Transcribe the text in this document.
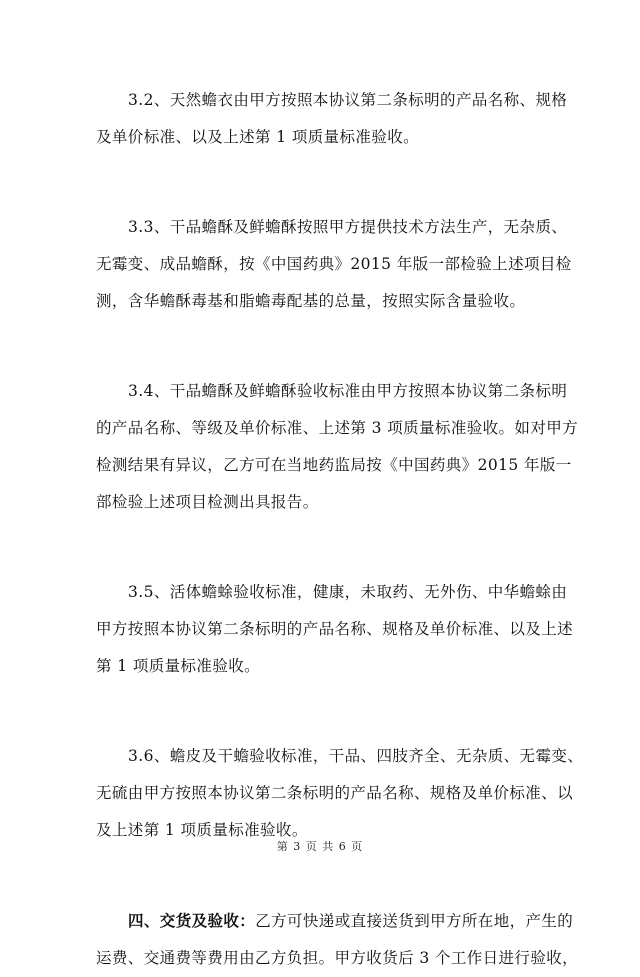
3.2、天然蟾衣由甲方按照本协议第二条标明的产品名称、规格
及单价标准、以及上述第 1 项质量标准验收。

3.3、干品蟾酥及鲜蟾酥按照甲方提供技术方法生产，无杂质、
无霉变、成品蟾酥，按《中国药典》2015 年版一部检验上述项目检
测，含华蟾酥毒基和脂蟾毒配基的总量，按照实际含量验收。

3.4、干品蟾酥及鲜蟾酥验收标准由甲方按照本协议第二条标明
的产品名称、等级及单价标准、上述第 3 项质量标准验收。如对甲方
检测结果有异议，乙方可在当地药监局按《中国药典》2015 年版一
部检验上述项目检测出具报告。

3.5、活体蟾蜍验收标准，健康，未取药、无外伤、中华蟾蜍由
甲方按照本协议第二条标明的产品名称、规格及单价标准、以及上述
第 1 项质量标准验收。

3.6、蟾皮及干蟾验收标准，干品、四肢齐全、无杂质、无霉变、
无硫由甲方按照本协议第二条标明的产品名称、规格及单价标准、以
及上述第 1 项质量标准验收。

四、交货及验收：乙方可快递或直接送货到甲方所在地，产生的
运费、交通费等费用由乙方负担。甲方收货后 3 个工作日进行验收，

第 3 页 共 6 页
